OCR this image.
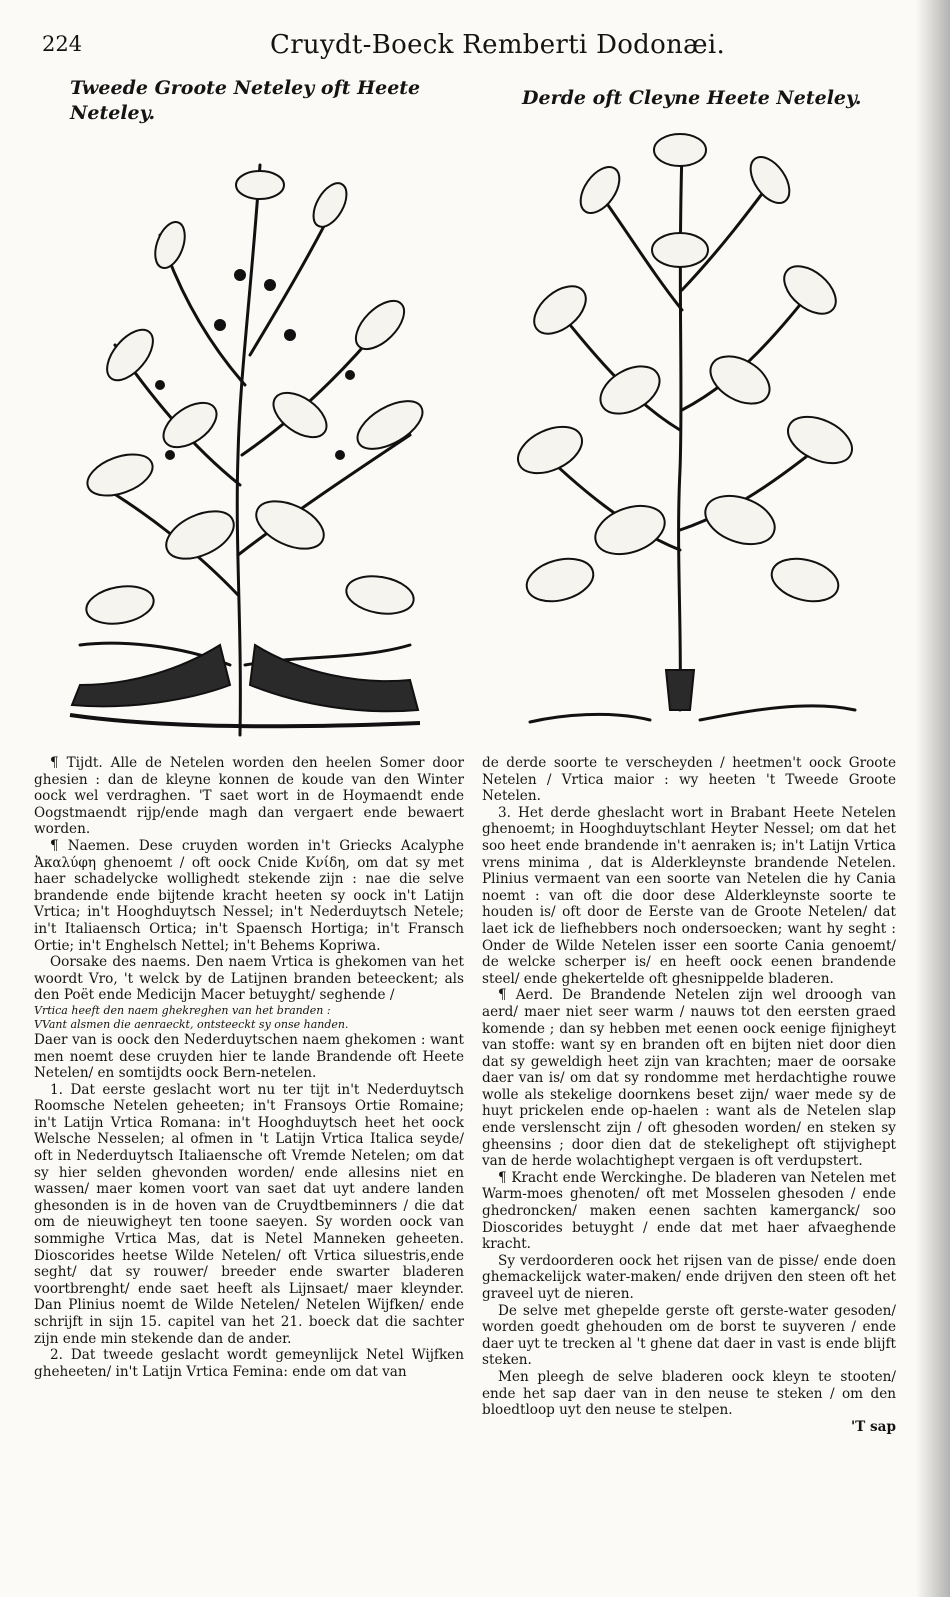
224	Cruydt-Boeck Remberti Dodonæi.
Tweede Groote Neteley oft Heete Neteley.
Derde oft Cleyne Heete Neteley.

¶ Tijdt. Alle de Netelen worden den heelen Somer door ghesien : dan de kleyne konnen de koude van den Winter oock wel verdraghen. 'T saet wort in de Hoymaendt ende Oogstmaendt rijp/ende magh dan vergaert ende bewaert worden.

¶ Naemen. Dese cruyden worden in't Griecks Acalyphe Ἀκαλύφη ghenoemt / oft oock Cnide Κνίδη, om dat sy met haer schadelycke wollighedt stekende zijn : nae die selve brandende ende bijtende kracht heeten sy oock in't Latijn Vrtica; in't Hooghduytsch Nessel; in't Nederduytsch Netele; in't Italiaensch Ortica; in't Spaensch Hortiga; in't Fransch Ortie; in't Enghelsch Nettel; in't Behems Kopriwa.

Oorsake des naems. Den naem Vrtica is ghekomen van het woordt Vro, 't welck by de Latijnen branden beteeckent; als den Poët ende Medicijn Macer betuyght/ seghende /

Vrtica heeft den naem ghekreghen van het branden :

VVant alsmen die aenraeckt, ontsteeckt sy onse handen.

Daer van is oock den Nederduytschen naem ghekomen : want men noemt dese cruyden hier te lande Brandende oft Heete Netelen/ en somtijdts oock Bern-netelen.

1. Dat eerste geslacht wort nu ter tijt in't Nederduytsch Roomsche Netelen geheeten; in't Fransoys Ortie Romaine; in't Latijn Vrtica Romana: in't Hooghduytsch heet het oock Welsche Nesselen; al ofmen in 't Latijn Vrtica Italica seyde/ oft in Nederduytsch Italiaensche oft Vremde Netelen; om dat sy hier selden ghevonden worden/ ende allesins niet en wassen/ maer komen voort van saet dat uyt andere landen ghesonden is in de hoven van de Cruydtbeminners / die dat om de nieuwigheyt ten toone saeyen. Sy worden oock van sommighe Vrtica Mas, dat is Netel Manneken geheeten. Dioscorides heetse Wilde Netelen/ oft Vrtica siluestris,ende seght/ dat sy rouwer/ breeder ende swarter bladeren voortbrenght/ ende saet heeft als Lijnsaet/ maer kleynder. Dan Plinius noemt de Wilde Netelen/ Netelen Wijfken/ ende schrijft in sijn 15. capitel van het 21. boeck dat die sachter zijn ende min stekende dan de ander.

2. Dat tweede geslacht wordt gemeynlijck Netel Wijfken gheheeten/ in't Latijn Vrtica Femina: ende om dat van

de derde soorte te verscheyden / heetmen't oock Groote Netelen / Vrtica maior : wy heeten 't Tweede Groote Netelen.

3. Het derde gheslacht wort in Brabant Heete Netelen ghenoemt; in Hooghduytschlant Heyter Nessel; om dat het soo heet ende brandende in't aenraken is; in't Latijn Vrtica vrens minima , dat is Alderkleynste brandende Netelen. Plinius vermaent van een soorte van Netelen die hy Cania noemt : van oft die door dese Alderkleynste soorte te houden is/ oft door de Eerste van de Groote Netelen/ dat laet ick de liefhebbers noch ondersoecken; want hy seght : Onder de Wilde Netelen isser een soorte Cania genoemt/ de welcke scherper is/ en heeft oock eenen brandende steel/ ende ghekertelde oft ghesnippelde bladeren.

¶ Aerd. De Brandende Netelen zijn wel drooogh van aerd/ maer niet seer warm / nauws tot den eersten graed komende ; dan sy hebben met eenen oock eenige fijnigheyt van stoffe: want sy en branden oft en bijten niet door dien dat sy geweldigh heet zijn van krachten; maer de oorsake daer van is/ om dat sy rondomme met herdachtighe rouwe wolle als stekelige doornkens beset zijn/ waer mede sy de huyt prickelen ende op-haelen : want als de Netelen slap ende verslenscht zijn / oft ghesoden worden/ en steken sy gheensins ; door dien dat de stekelighept oft stijvighept van de herde wolachtighept vergaen is oft verdupstert.

¶ Kracht ende Werckinghe. De bladeren van Netelen met Warm-moes ghenoten/ oft met Mosselen ghesoden / ende ghedroncken/ maken eenen sachten kamerganck/ soo Dioscorides betuyght / ende dat met haer afvaeghende kracht.

Sy verdoorderen oock het rijsen van de pisse/ ende doen ghemackelijck water-maken/ ende drijven den steen oft het graveel uyt de nieren.

De selve met ghepelde gerste oft gerste-water gesoden/ worden goedt ghehouden om de borst te suyveren / ende daer uyt te trecken al 't ghene dat daer in vast is ende blijft steken.

Men pleegh de selve bladeren oock kleyn te stooten/ ende het sap daer van in den neuse te steken / om den bloedtloop uyt den neuse te stelpen.

'T sap
